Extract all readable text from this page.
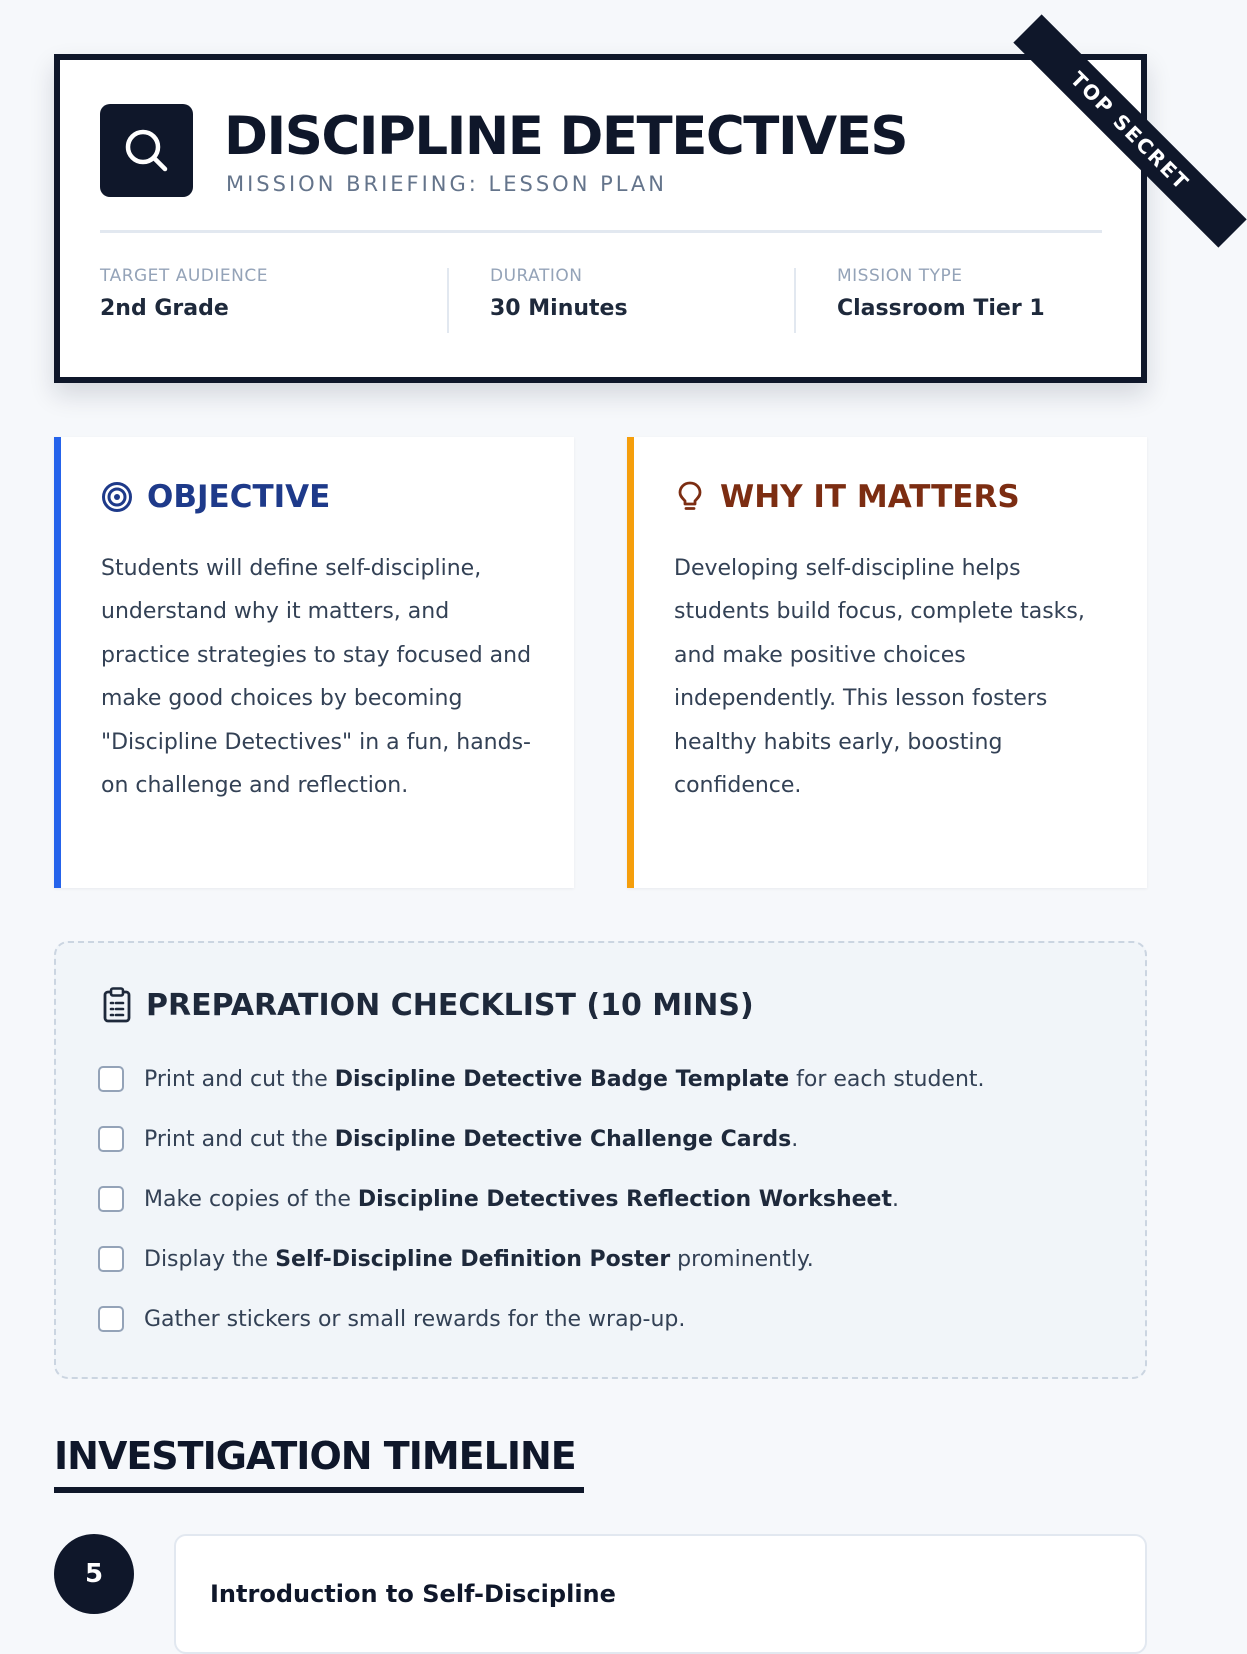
TOP SECRET
DISCIPLINE DETECTIVES
MISSION BRIEFING: LESSON PLAN
TARGET AUDIENCE
2nd Grade
DURATION
30 Minutes
MISSION TYPE
Classroom Tier 1
OBJECTIVE
Students will define self-discipline, understand why it matters, and practice strategies to stay focused and make good choices by becoming "Discipline Detectives" in a fun, hands-on challenge and reflection.
WHY IT MATTERS
Developing self-discipline helps students build focus, complete tasks, and make positive choices independently. This lesson fosters healthy habits early, boosting confidence.
PREPARATION CHECKLIST (10 MINS)
Print and cut the Discipline Detective Badge Template for each student.
Print and cut the Discipline Detective Challenge Cards.
Make copies of the Discipline Detectives Reflection Worksheet.
Display the Self-Discipline Definition Poster prominently.
Gather stickers or small rewards for the wrap-up.
INVESTIGATION TIMELINE
5
Introduction to Self-Discipline
